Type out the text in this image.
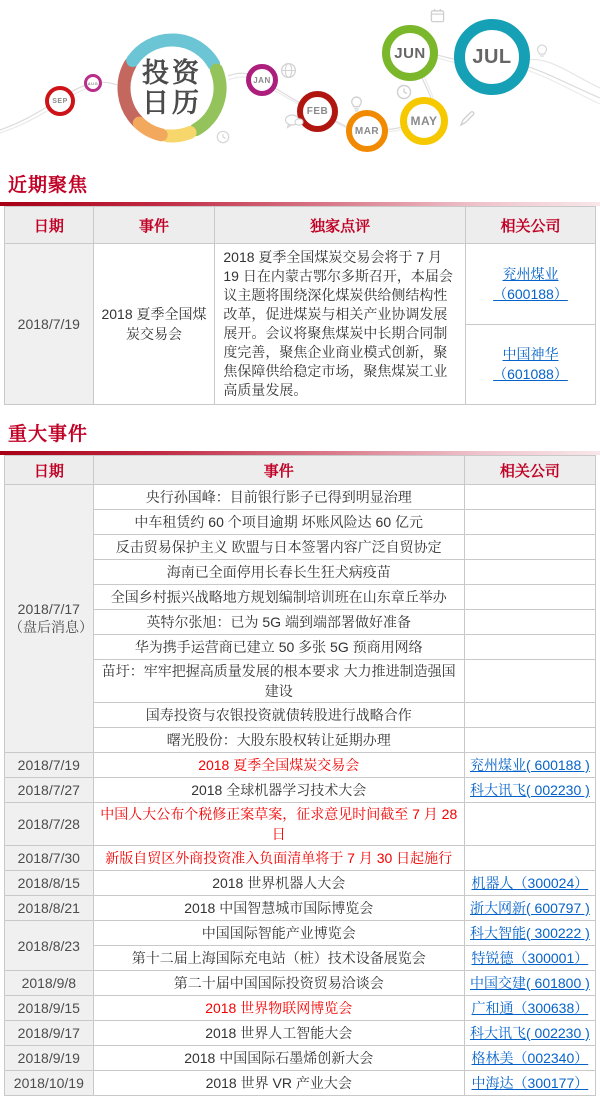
投资
日历
SEP
AUG	JAN
FEB
MAR
MAY
JUN	JUL
近期聚焦
日期	事件	独家点评	相关公司
2018/7/19	2018 夏季全国煤炭交易会	2018 夏季全国煤炭交易会将于 7 月 19 日在内蒙古鄂尔多斯召开，本届会议主题将围绕深化煤炭供给侧结构性改革，促进煤炭与相关产业协调发展展开。会议将聚焦煤炭中长期合同制度完善，聚焦企业商业模式创新，聚焦保障供给稳定市场，聚焦煤炭工业高质量发展。	兖州煤业（600188）
			中国神华（601088）
重大事件
日期	事件	相关公司
2018/7/17
（盘后消息）	央行孙国峰：目前银行影子已得到明显治理	
	中车租赁约 60 个项目逾期 坏账风险达 60 亿元	
	反击贸易保护主义 欧盟与日本签署内容广泛自贸协定	
	海南已全面停用长春长生狂犬病疫苗	
	全国乡村振兴战略地方规划编制培训班在山东章丘举办	
	英特尔张旭：已为 5G 端到端部署做好准备	
	华为携手运营商已建立 50 多张 5G 预商用网络	
	苗圩：牢牢把握高质量发展的根本要求 大力推进制造强国建设	
	国寿投资与农银投资就债转股进行战略合作	
	曙光股份：大股东股权转让延期办理	
2018/7/19	2018 夏季全国煤炭交易会	兖州煤业( 600188 )
2018/7/27	2018 全球机器学习技术大会	科大讯飞( 002230 )
2018/7/28	中国人大公布个税修正案草案，征求意见时间截至 7 月 28 日	
2018/7/30	新版自贸区外商投资准入负面清单将于 7 月 30 日起施行	
2018/8/15	2018 世界机器人大会	机器人（300024）
2018/8/21	2018 中国智慧城市国际博览会	浙大网新( 600797 )
2018/8/23	中国国际智能产业博览会	科大智能( 300222 )
	第十二届上海国际充电站（桩）技术设备展览会	特锐德（300001）
2018/9/8	第二十届中国国际投资贸易洽谈会	中国交建( 601800 )
2018/9/15	2018 世界物联网博览会	广和通（300638）
2018/9/17	2018 世界人工智能大会	科大讯飞( 002230 )
2018/9/19	2018 中国国际石墨烯创新大会	格林美（002340）
2018/10/19	2018 世界 VR 产业大会	中海达（300177）
